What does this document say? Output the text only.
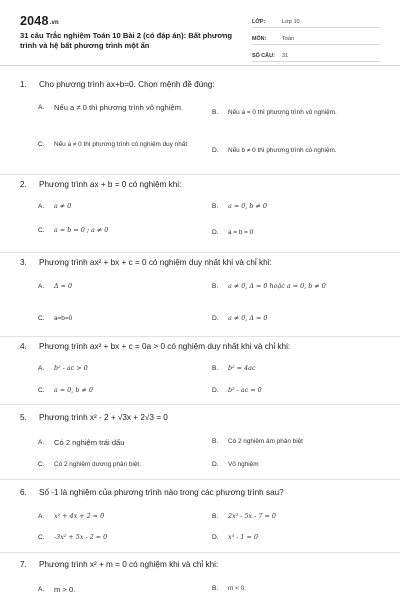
2048.vn
31 câu Trắc nghiệm Toán 10 Bài 2 (có đáp án): Bất phương trình và hệ bất phương trình một ẩn
LỚP:	Lớp 10
MÔN:	Toán
SỐ CÂU:	31
1.	Cho phương trình ax+b=0. Chọn mệnh đề đúng:
A.	Nếu a ≠ 0 thì phương trình vô nghiệm.
B.	Nếu a = 0 thì phương trình vô nghiệm.
C.	Nếu a ≠ 0 thì phương trình có nghiệm duy nhất
D.	Nếu b ≠ 0 thì phương trình có nghiệm.
2.	Phương trình ax + b = 0 có nghiệm khi:
A.	a ≠ 0	B.	a = 0, b ≠ 0
C.	a = b = 0 ; a ≠ 0	D.	a = b = 0
3.	Phương trình ax² + bx + c = 0 có nghiệm duy nhất khi và chỉ khi:
A.	Δ = 0	B.	a ≠ 0, Δ = 0 hoặc a = 0, b ≠ 0
C.	a=b=0	D.	a ≠ 0, Δ = 0
4.	Phương trình ax² + bx + c = 0a > 0 có nghiệm duy nhất khi và chỉ khi:
A.	b² - ac > 0	B.	b² = 4ac
C.	a = 0, b ≠ 0	D.	b² - ac = 0
5.	Phương trình x² - 2 + √3x + 2√3 = 0
A.	Có 2 nghiệm trái dấu	B.	Có 2 nghiệm âm phân biệt
C.	Có 2 nghiệm dương phân biệt.	D.	Vô nghiệm
6.	Số -1 là nghiệm của phương trình nào trong các phương trình sau?
A.	x² + 4x + 2 = 0	B.	2x² - 5x - 7 = 0
C.	-3x² + 5x - 2 = 0	D.	x³ - 1 = 0
7.	Phương trình x² + m = 0 có nghiệm khi và chỉ khi:
A.	m > 0.	B.	m < 0.
